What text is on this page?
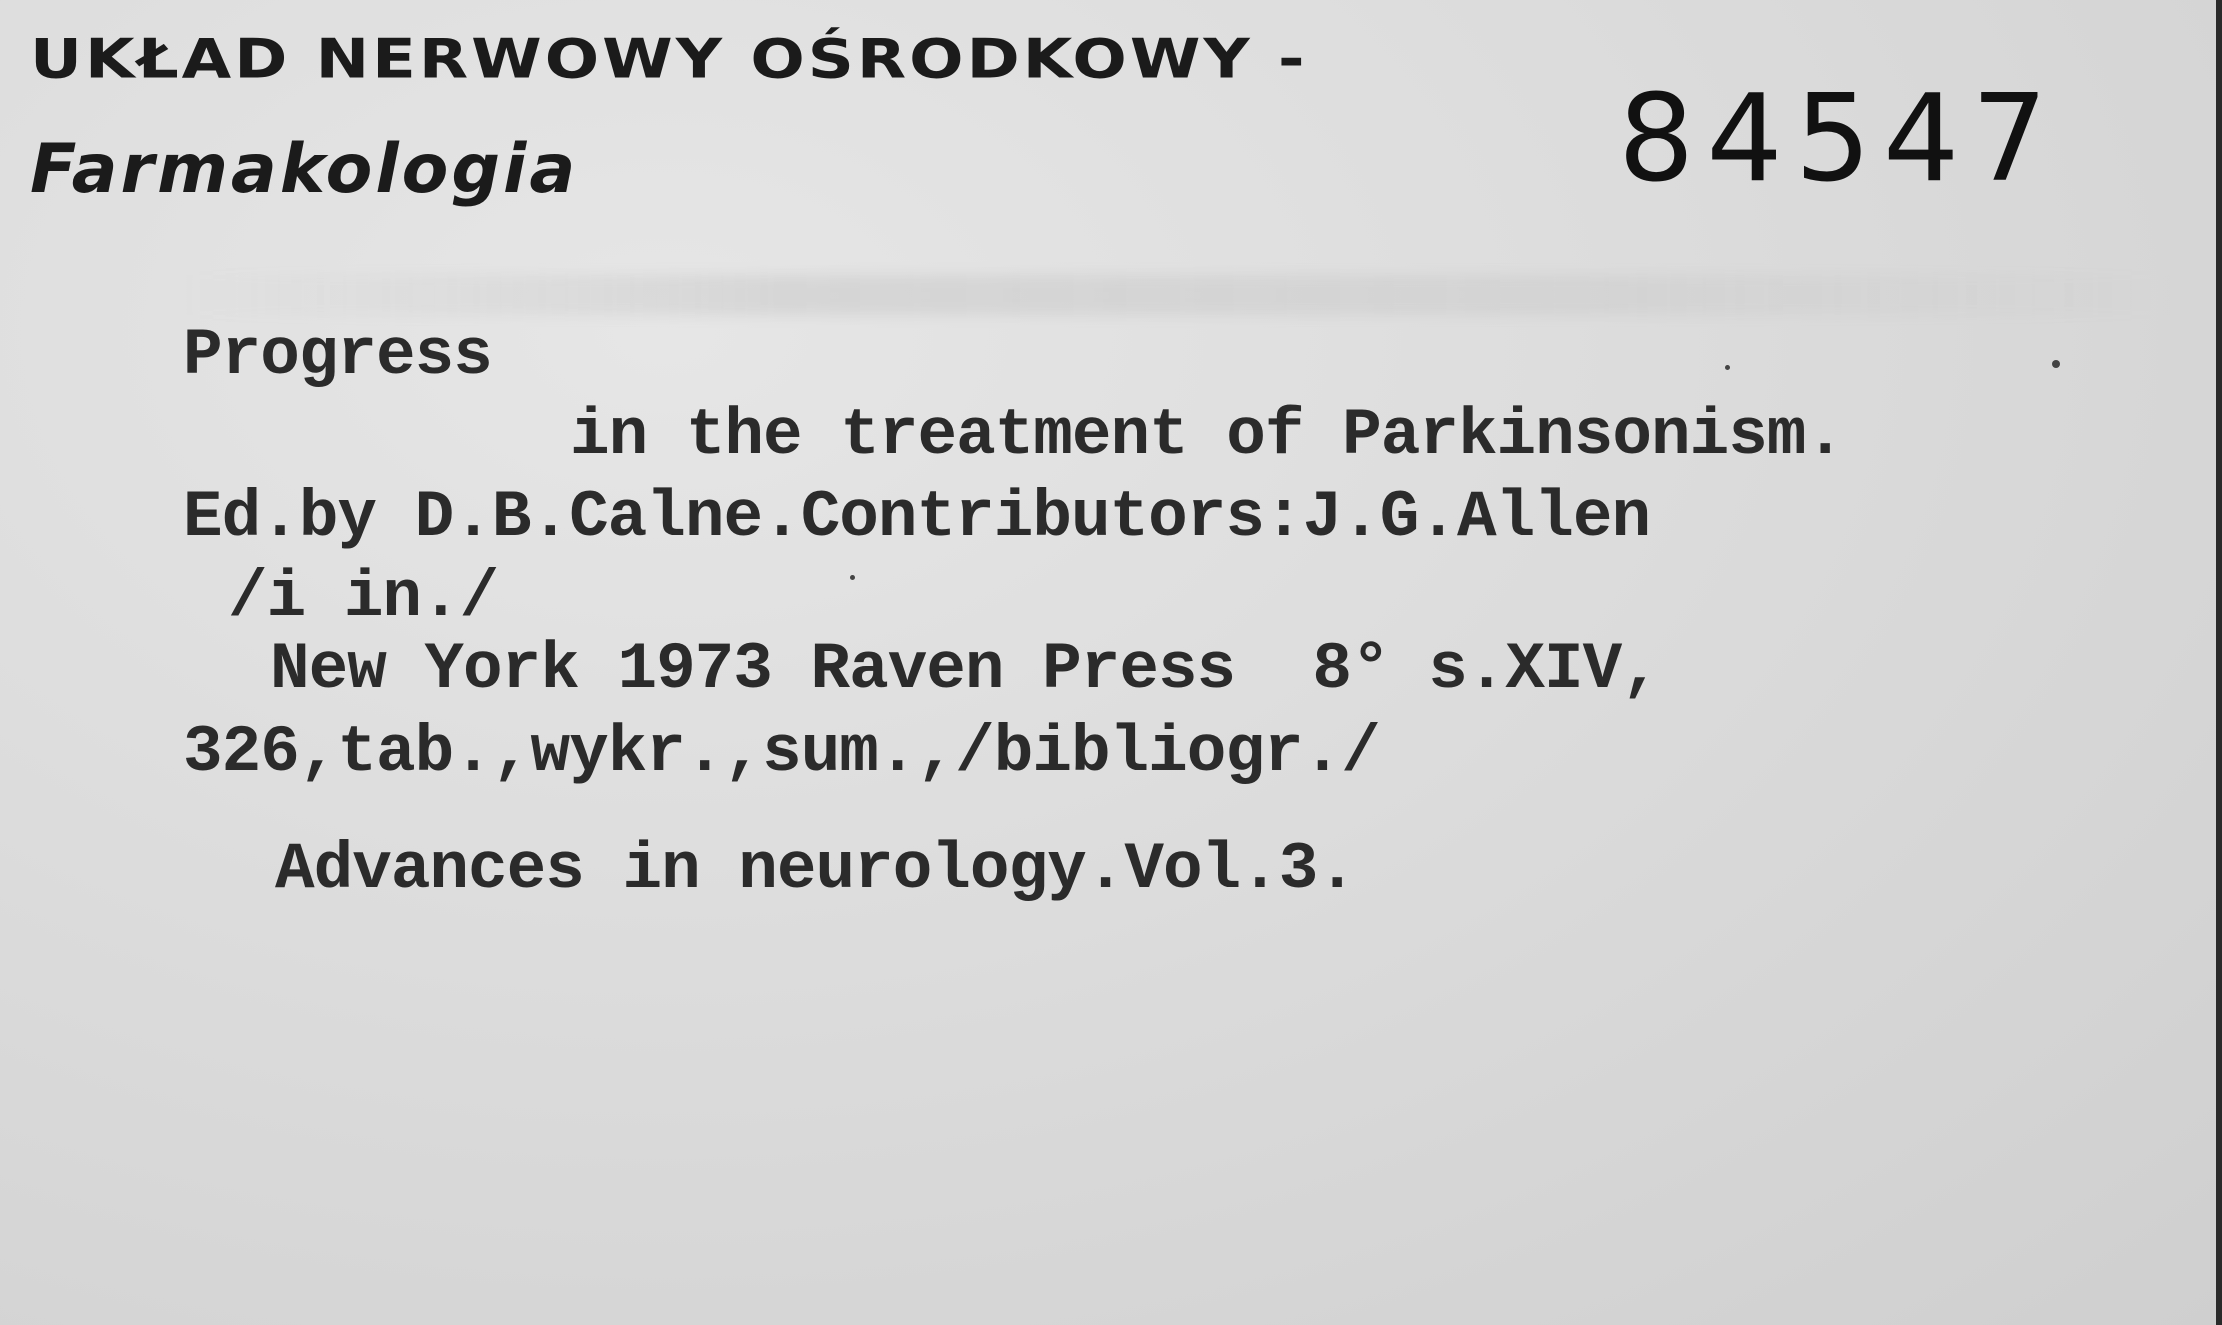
UKŁAD NERWOWY OŚRODKOWY -
Farmakologia	84547
Progress
in the treatment of Parkinsonism.
Ed.by D.B.Calne.Contributors:J.G.Allen
/i in./
New York 1973 Raven Press  8° s.XIV,
326,tab.,wykr.,sum.,/bibliogr./
Advances in neurology.Vol.3.
